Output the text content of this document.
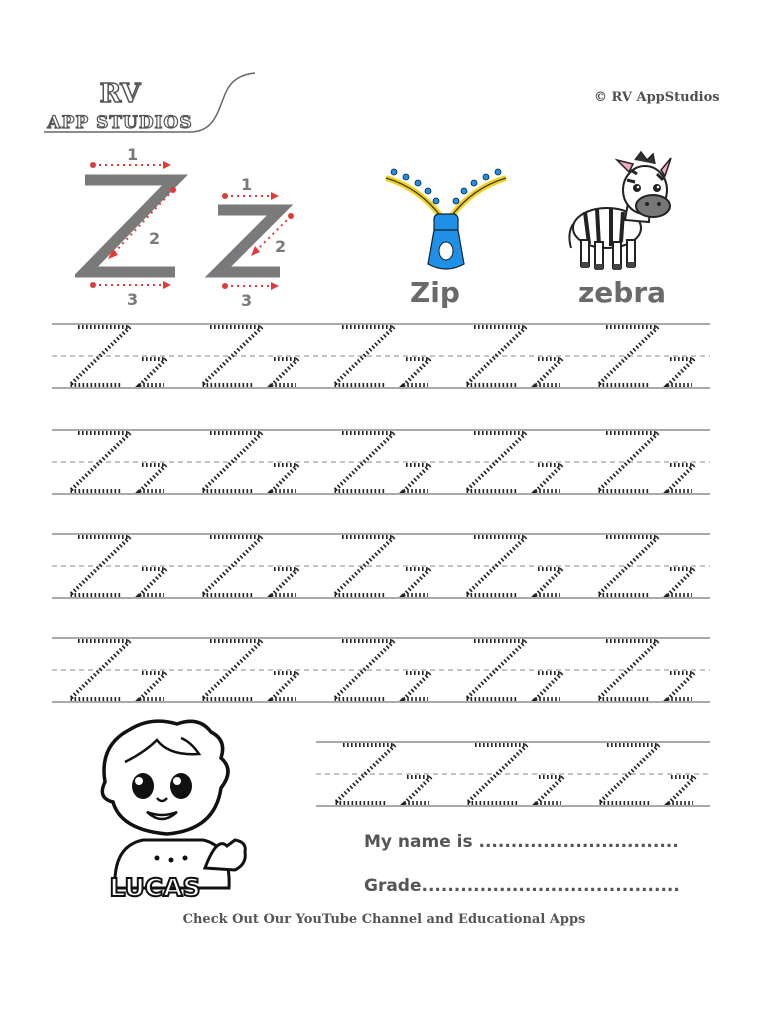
RV
APP STUDIOS
© RV AppStudios
1
2
3
1
2
3	Zip	zebra
LUCAS
My name is ...............................
Grade........................................
Check Out Our YouTube Channel and Educational Apps
